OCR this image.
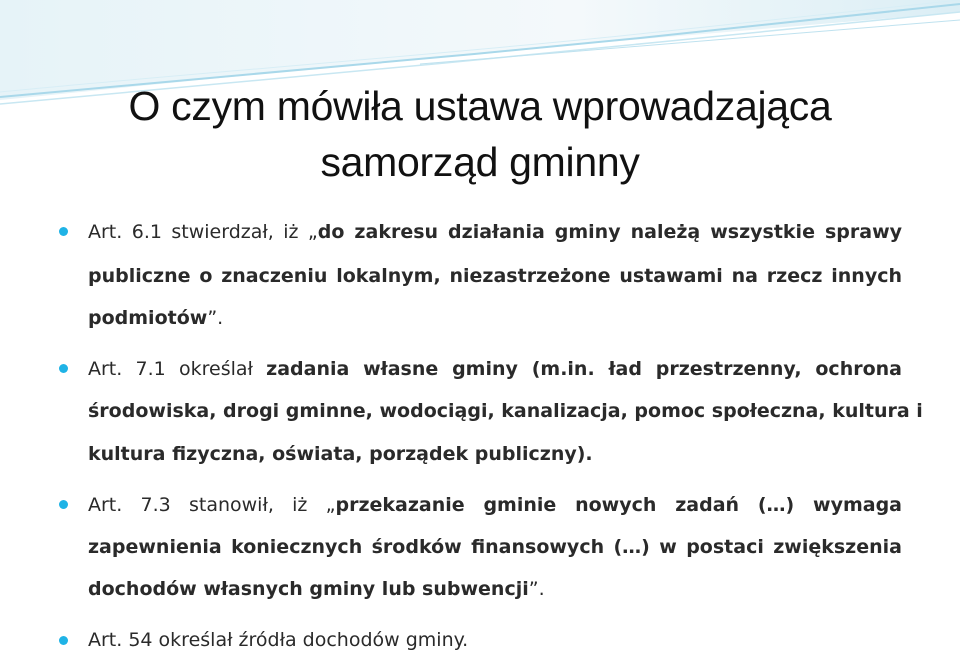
O czym mówiła ustawa wprowadzająca
samorząd gminny
Art. 6.1 stwierdzał, iż „do zakresu działania gminy należą wszystkie sprawy
publiczne o znaczeniu lokalnym, niezastrzeżone ustawami na rzecz innych
podmiotów”.
Art. 7.1 określał zadania własne gminy (m.in. ład przestrzenny, ochrona
środowiska, drogi gminne, wodociągi, kanalizacja, pomoc społeczna, kultura i
kultura fizyczna, oświata, porządek publiczny).
Art. 7.3 stanowił, iż „przekazanie gminie nowych zadań (…) wymaga
zapewnienia koniecznych środków finansowych (…) w postaci zwiększenia
dochodów własnych gminy lub subwencji”.
Art. 54 określał źródła dochodów gminy.
